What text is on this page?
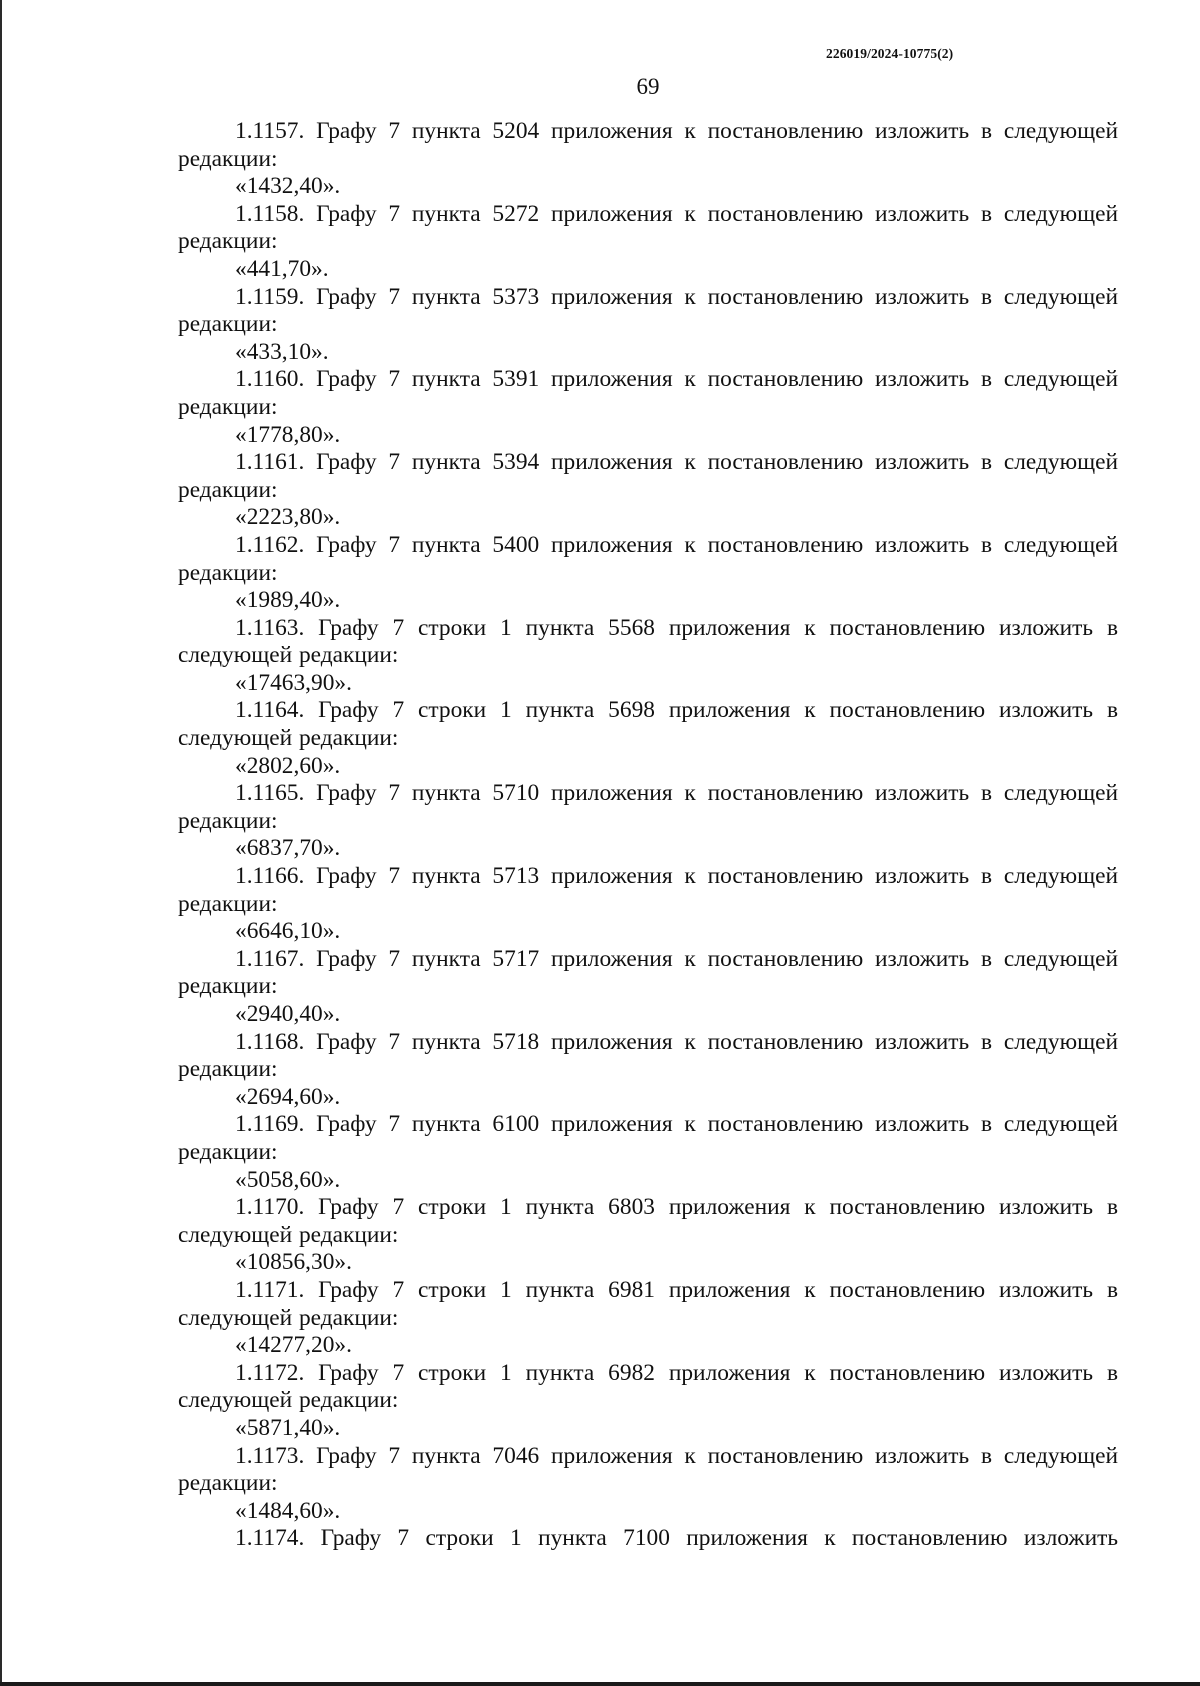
226019/2024-10775(2)
69

1.1157. Графу 7 пункта 5204 приложения к постановлению изложить в следующей редакции:

«1432,40».

1.1158. Графу 7 пункта 5272 приложения к постановлению изложить в следующей редакции:

«441,70».

1.1159. Графу 7 пункта 5373 приложения к постановлению изложить в следующей редакции:

«433,10».

1.1160. Графу 7 пункта 5391 приложения к постановлению изложить в следующей редакции:

«1778,80».

1.1161. Графу 7 пункта 5394 приложения к постановлению изложить в следующей редакции:

«2223,80».

1.1162. Графу 7 пункта 5400 приложения к постановлению изложить в следующей редакции:

«1989,40».

1.1163. Графу 7 строки 1 пункта 5568 приложения к постановлению изложить в следующей редакции:

«17463,90».

1.1164. Графу 7 строки 1 пункта 5698 приложения к постановлению изложить в следующей редакции:

«2802,60».

1.1165. Графу 7 пункта 5710 приложения к постановлению изложить в следующей редакции:

«6837,70».

1.1166. Графу 7 пункта 5713 приложения к постановлению изложить в следующей редакции:

«6646,10».

1.1167. Графу 7 пункта 5717 приложения к постановлению изложить в следующей редакции:

«2940,40».

1.1168. Графу 7 пункта 5718 приложения к постановлению изложить в следующей редакции:

«2694,60».

1.1169. Графу 7 пункта 6100 приложения к постановлению изложить в следующей редакции:

«5058,60».

1.1170. Графу 7 строки 1 пункта 6803 приложения к постановлению изложить в следующей редакции:

«10856,30».

1.1171. Графу 7 строки 1 пункта 6981 приложения к постановлению изложить в следующей редакции:

«14277,20».

1.1172. Графу 7 строки 1 пункта 6982 приложения к постановлению изложить в следующей редакции:

«5871,40».

1.1173. Графу 7 пункта 7046 приложения к постановлению изложить в следующей редакции:

«1484,60».

1.1174. Графу 7 строки 1 пункта 7100 приложения к постановлению изложить
